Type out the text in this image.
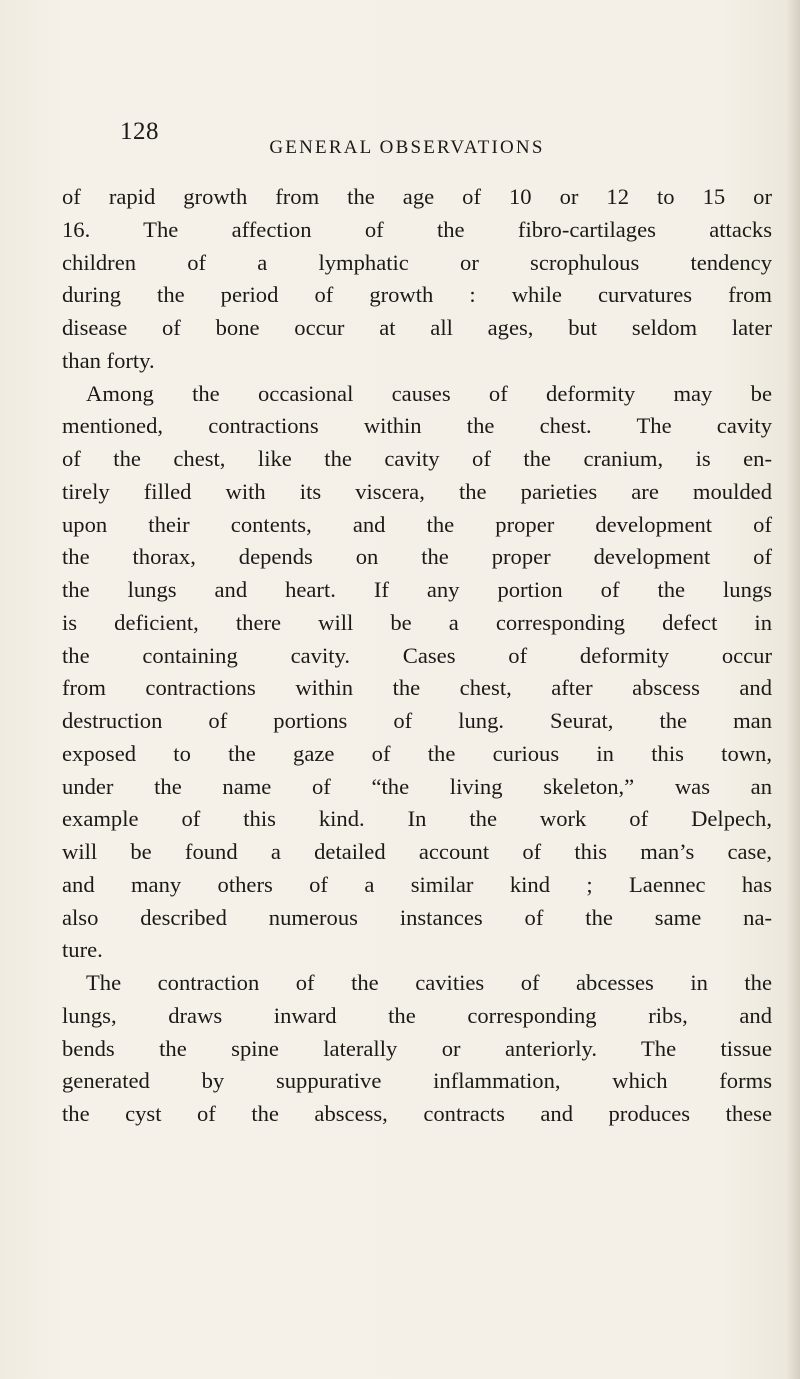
128
GENERAL OBSERVATIONS
of rapid growth from the age of 10 or 12 to 15 or
16. The affection of the fibro-cartilages attacks
children of a lymphatic or scrophulous tendency
during the period of growth : while curvatures from
disease of bone occur at all ages, but seldom later
than forty.
Among the occasional causes of deformity may be
mentioned, contractions within the chest. The cavity
of the chest, like the cavity of the cranium, is en-
tirely filled with its viscera, the parieties are moulded
upon their contents, and the proper development of
the thorax, depends on the proper development of
the lungs and heart. If any portion of the lungs
is deficient, there will be a corresponding defect in
the containing cavity. Cases of deformity occur
from contractions within the chest, after abscess and
destruction of portions of lung. Seurat, the man
exposed to the gaze of the curious in this town,
under the name of “the living skeleton,” was an
example of this kind. In the work of Delpech,
will be found a detailed account of this man’s case,
and many others of a similar kind ; Laennec has
also described numerous instances of the same na-
ture.
The contraction of the cavities of abcesses in the
lungs, draws inward the corresponding ribs, and
bends the spine laterally or anteriorly. The tissue
generated by suppurative inflammation, which forms
the cyst of the abscess, contracts and produces these
